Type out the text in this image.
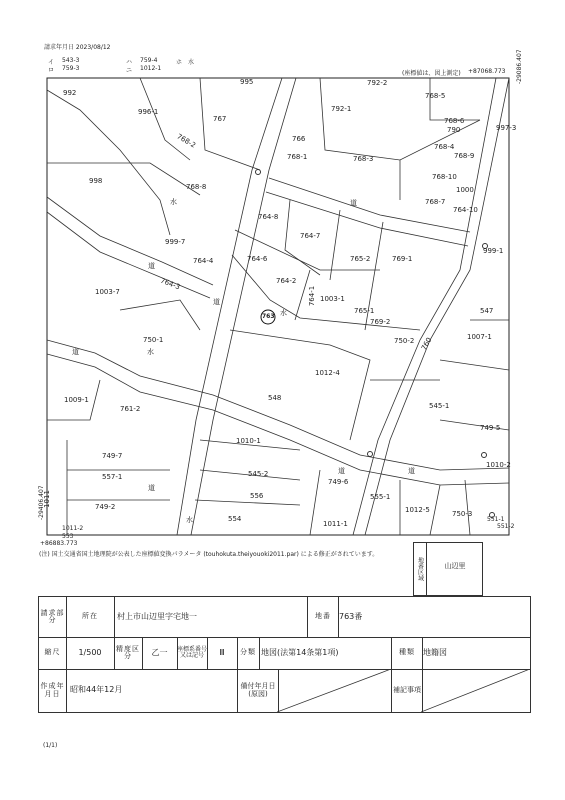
請求年月日 2023/08/12
イ 543-3
ロ 759-3
ハ 759-4
ニ 1012-1
ホ 水
(座標値は、図上測定) +87068.773 -29086.407
-29406.407
+86883.773
995
992
767
996-1	792-1
792-2
768-5
768-6
790	997-3
768-2	766
768-1	768-3
768-4
768-9
768-10
1000
998
768-8
768-7
764-10
764-8
764-7
765-2	769-1
999-1
999-7
764-4	764-6
764-2
764-1 1003-1
1003-7
764-3
765-1
769-2
547
1007-1
750-1	750-2 760
1012-4
1009-1
761-2
548
545-1
749-5
1010-1
749-7
545-2
1010-2
557-1
749-6
556	555-1
1012-5
1011	749-2
554
750-3
1011-1
1011-2
553
551-1
551-2
道
道
道
道
道
道
道
水
水
水
水
763
(注) 国土交通省国土地理院が公表した座標値変換パラメータ (touhokuta.theiyouoki2011.par) による修正がされています。
地番区域	山辺里
請求部分	所在	村上市山辺里字宅地一	地番	763番
縮尺	1/500	精度区分	乙一	座標系番号又は記号	Ⅲ	分類 地図(法第14条第1項)	種類	地籍図
作成年月日	昭和44年12月	備付年月日(原図)	補記事項
(1/1)
